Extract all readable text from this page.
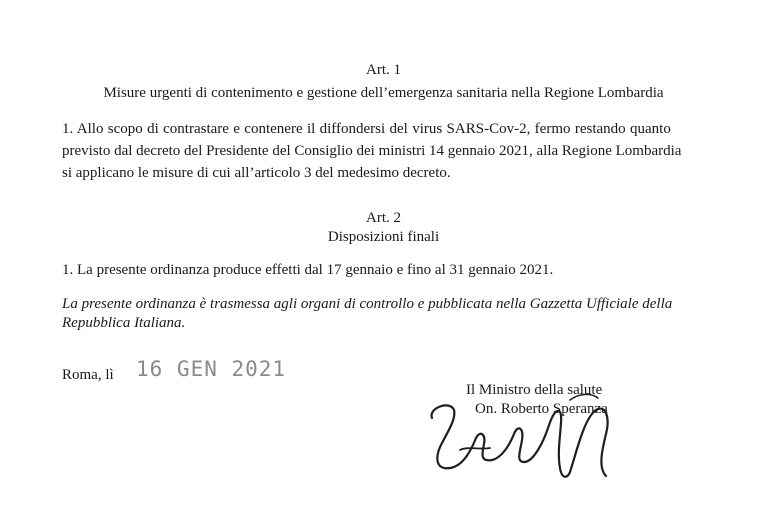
Art. 1
Misure urgenti di contenimento e gestione dell’emergenza sanitaria nella Regione Lombardia
1. Allo scopo di contrastare e contenere il diffondersi del virus SARS-Cov-2, fermo restando quanto
previsto dal decreto del Presidente del Consiglio dei ministri 14 gennaio 2021, alla Regione Lombardia
si applicano le misure di cui all’articolo 3 del medesimo decreto.
Art. 2
Disposizioni finali
1. La presente ordinanza produce effetti dal 17 gennaio e fino al 31 gennaio 2021.
La presente ordinanza è trasmessa agli organi di controllo e pubblicata nella Gazzetta Ufficiale della
Repubblica Italiana.
Roma, lì 16 GEN 2021
Il Ministro della salute
On. Roberto Speranza
